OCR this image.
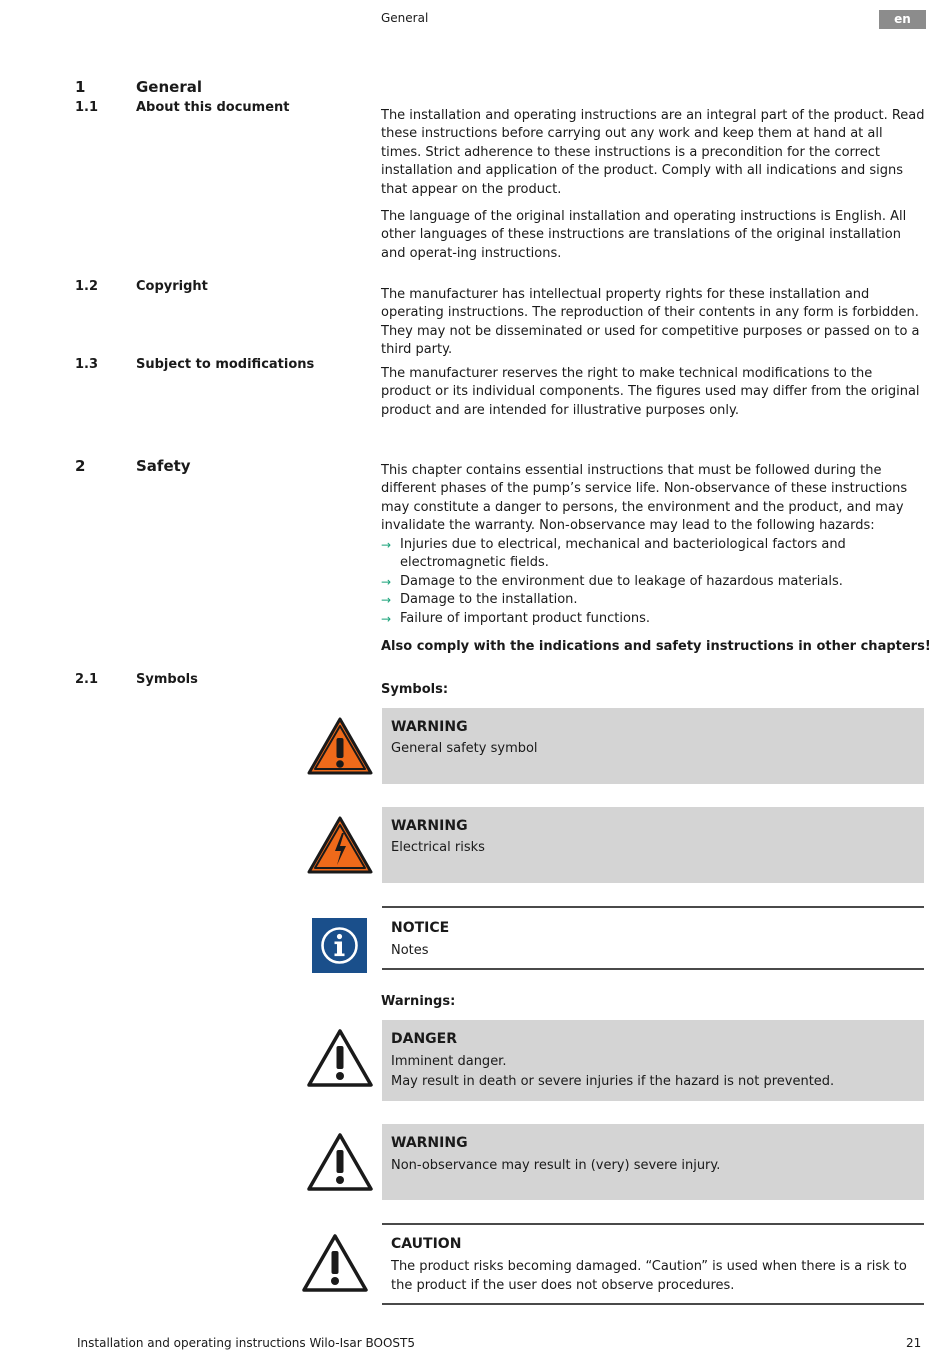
General	en
1	General
1.1	About this document

The installation and operating instructions are an integral part of the product. Read these instructions before carrying out any work and keep them at hand at all times. Strict adherence to these instructions is a precondition for the correct installation and application of the product. Comply with all indications and signs that appear on the product.

The language of the original installation and operating instructions is English. All other languages of these instructions are translations of the original installation and operat-ing instructions.

1.2	Copyright
The manufacturer has intellectual property rights for these installation and operating instructions. The reproduction of their contents in any form is forbidden. They may not be disseminated or used for competitive purposes or passed on to a third party.
1.3	Subject to modifications
The manufacturer reserves the right to make technical modifications to the product or its individual components. The figures used may differ from the original product and are intended for illustrative purposes only.
2	Safety	This chapter contains essential instructions that must be followed during the different phases of the pump’s service life. Non-observance of these instructions may constitute a danger to persons, the environment and the product, and may invalidate the warranty. Non-observance may lead to the following hazards:

→ Injuries due to electrical, mechanical and bacteriological factors and electromagnetic fields.
→ Damage to the environment due to leakage of hazardous materials.
→ Damage to the installation.
→ Failure of important product functions.
Also comply with the indications and safety instructions in other chapters!
2.1	Symbols
Symbols:
WARNING
General safety symbol
WARNING
Electrical risks
NOTICE
Notes
Warnings:
DANGER
Imminent danger.
May result in death or severe injuries if the hazard is not prevented.
WARNING
Non-observance may result in (very) severe injury.
CAUTION
The product risks becoming damaged. “Caution” is used when there is a risk to the product if the user does not observe procedures.
Installation and operating instructions Wilo-Isar BOOST5	21
